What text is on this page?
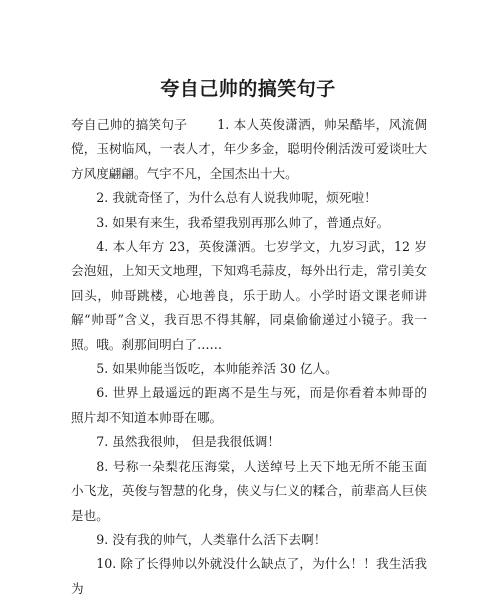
夸自己帅的搞笑句子

夸自己帅的搞笑句子 1. 本人英俊潇洒，帅呆酷毕，风流倜傥，玉树临风，一表人才，年少多金，聪明伶俐活泼可爱谈吐大方风度翩翩。气宇不凡，全国杰出十大。

2. 我就奇怪了，为什么总有人说我帅呢，烦死啦！

3. 如果有来生，我希望我别再那么帅了，普通点好。

4. 本人年方 23，英俊潇洒。七岁学文，九岁习武，12 岁会泡妞，上知天文地理，下知鸡毛蒜皮，每外出行走，常引美女回头，帅哥跳楼，心地善良，乐于助人。小学时语文课老师讲解“帅哥”含义，我百思不得其解，同桌偷偷递过小镜子。我一照。哦。刹那间明白了……

5. 如果帅能当饭吃，本帅能养活 30 亿人。

6. 世界上最遥远的距离不是生与死，而是你看着本帅哥的照片却不知道本帅哥在哪。

7. 虽然我很帅， 但是我很低调！

8. 号称一朵梨花压海棠，人送绰号上天下地无所不能玉面小飞龙，英俊与智慧的化身，侠义与仁义的糅合，前辈高人巨侠是也。

9. 没有我的帅气，人类靠什么活下去啊！

10. 除了长得帅以外就没什么缺点了，为什么！！我生活我为
